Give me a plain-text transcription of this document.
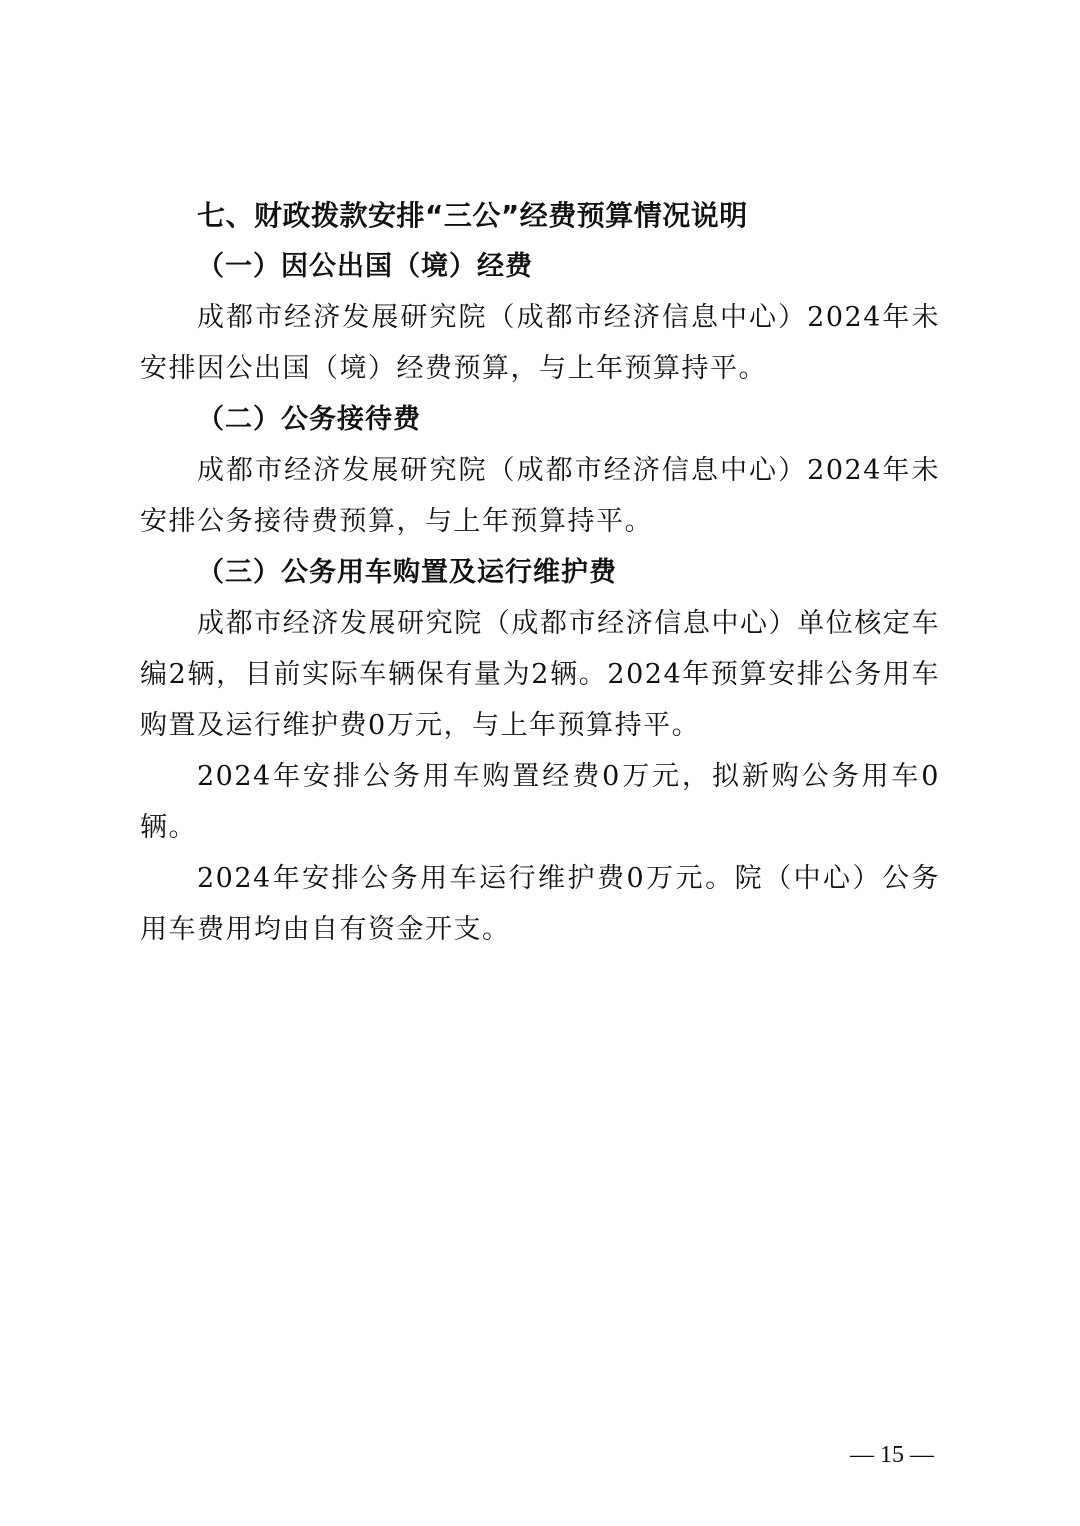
七、财政拨款安排“三公”经费预算情况说明
（一）因公出国（境）经费

成都市经济发展研究院（成都市经济信息中心）2024年未安排因公出国（境）经费预算，与上年预算持平。

（二）公务接待费

成都市经济发展研究院（成都市经济信息中心）2024年未安排公务接待费预算，与上年预算持平。

（三）公务用车购置及运行维护费

成都市经济发展研究院（成都市经济信息中心）单位核定车编2辆，目前实际车辆保有量为2辆。2024年预算安排公务用车购置及运行维护费0万元，与上年预算持平。

2024年安排公务用车购置经费0万元，拟新购公务用车0辆。

2024年安排公务用车运行维护费0万元。院（中心）公务用车费用均由自有资金开支。

— 15 —
